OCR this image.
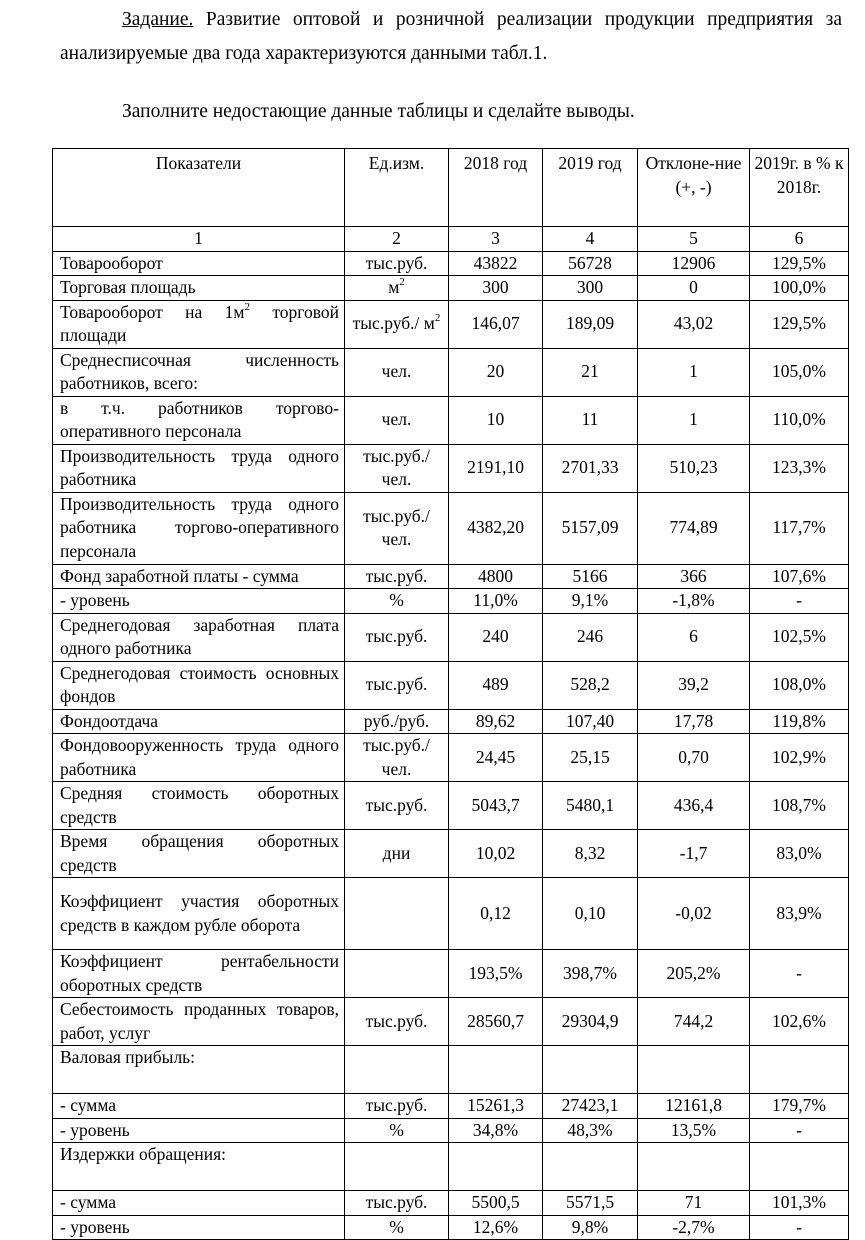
Задание. Развитие оптовой и розничной реализации продукции предприятия за анализируемые два года характеризуются данными табл.1.
Заполните недостающие данные таблицы и сделайте выводы.
Показатели	Ед.изм.	2018 год	2019 год	Отклоне-ние (+, -)	2019г. в % к 2018г.
1	2	3	4	5	6
Товарооборот	тыс.руб.	43822	56728	12906	129,5%
Торговая площадь	$м^2$	300	300	0	100,0%
Товарооборот на $1м^2$ торговой площади	тыс.руб./ $м^2$	146,07	189,09	43,02	129,5%
Среднесписочная численность работников, всего:	чел.	20	21	1	105,0%
в т.ч. работников торгово-оперативного персонала	чел.	10	11	1	110,0%
Производительность труда одного работника	тыс.руб./ чел.	2191,10	2701,33	510,23	123,3%
Производительность труда одного работника торгово-оперативного персонала	тыс.руб./ чел.	4382,20	5157,09	774,89	117,7%
Фонд заработной платы - сумма	тыс.руб.	4800	5166	366	107,6%
- уровень	%	11,0%	9,1%	-1,8%	-
Среднегодовая заработная плата одного работника	тыс.руб.	240	246	6	102,5%
Среднегодовая стоимость основных фондов	тыс.руб.	489	528,2	39,2	108,0%
Фондоотдача	руб./руб.	89,62	107,40	17,78	119,8%
Фондовооруженность труда одного работника	тыс.руб./ чел.	24,45	25,15	0,70	102,9%
Средняя стоимость оборотных средств	тыс.руб.	5043,7	5480,1	436,4	108,7%
Время обращения оборотных средств	дни	10,02	8,32	-1,7	83,0%
Коэффициент участия оборотных средств в каждом рубле оборота		0,12	0,10	-0,02	83,9%
Коэффициент рентабельности оборотных средств		193,5%	398,7%	205,2%	-
Себестоимость проданных товаров, работ, услуг	тыс.руб.	28560,7	29304,9	744,2	102,6%
Валовая прибыль:					
- сумма	тыс.руб.	15261,3	27423,1	12161,8	179,7%
- уровень	%	34,8%	48,3%	13,5%	-
Издержки обращения:					
- сумма	тыс.руб.	5500,5	5571,5	71	101,3%
- уровень	%	12,6%	9,8%	-2,7%	-
